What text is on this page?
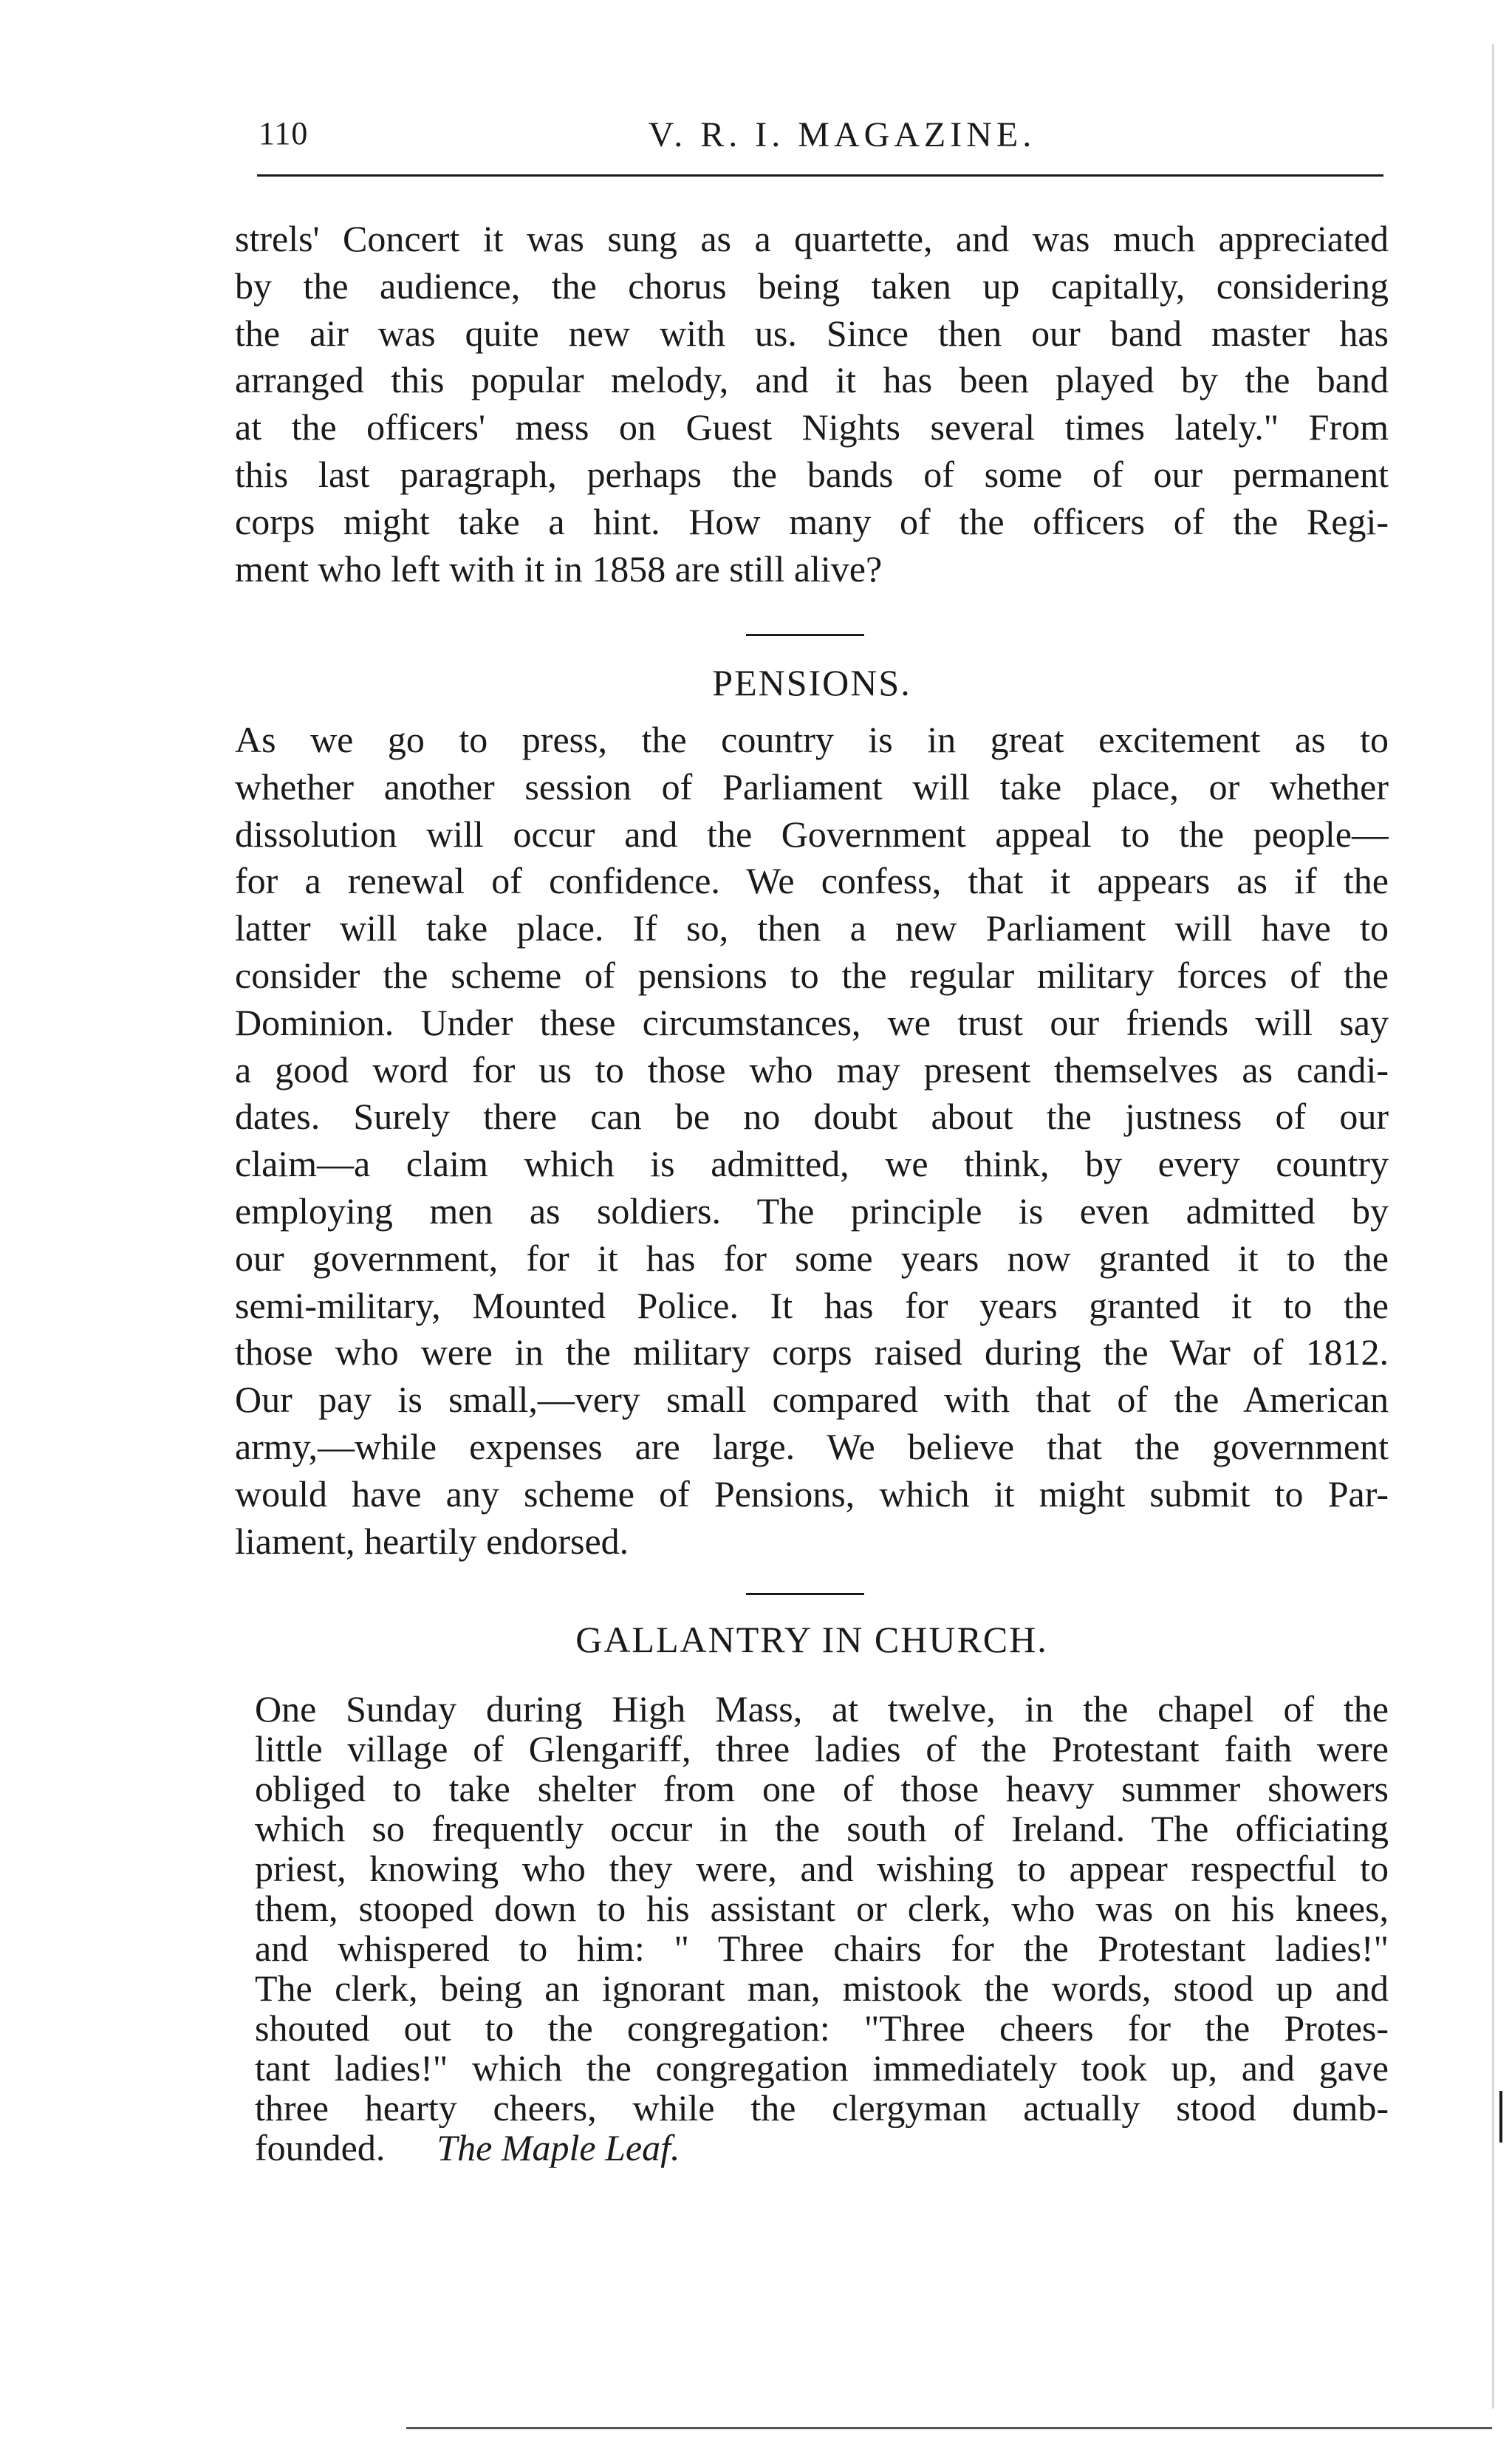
110	V. R. I. MAGAZINE.
strels' Concert it was sung as a quartette, and was much appreciated
by the audience, the chorus being taken up capitally, considering
the air was quite new with us. Since then our band master has
arranged this popular melody, and it has been played by the band
at the officers' mess on Guest Nights several times lately." From
this last paragraph, perhaps the bands of some of our permanent
corps might take a hint. How many of the officers of the Regi-
ment who left with it in 1858 are still alive?
PENSIONS.
As we go to press, the country is in great excitement as to
whether another session of Parliament will take place, or whether
dissolution will occur and the Government appeal to the people—
for a renewal of confidence. We confess, that it appears as if the
latter will take place. If so, then a new Parliament will have to
consider the scheme of pensions to the regular military forces of the
Dominion. Under these circumstances, we trust our friends will say
a good word for us to those who may present themselves as candi-
dates. Surely there can be no doubt about the justness of our
claim—a claim which is admitted, we think, by every country
employing men as soldiers. The principle is even admitted by
our government, for it has for some years now granted it to the
semi-military, Mounted Police. It has for years granted it to the
those who were in the military corps raised during the War of 1812.
Our pay is small,—very small compared with that of the American
army,—while expenses are large. We believe that the government
would have any scheme of Pensions, which it might submit to Par-
liament, heartily endorsed.
GALLANTRY IN CHURCH.
One Sunday during High Mass, at twelve, in the chapel of the
little village of Glengariff, three ladies of the Protestant faith were
obliged to take shelter from one of those heavy summer showers
which so frequently occur in the south of Ireland. The officiating
priest, knowing who they were, and wishing to appear respectful to
them, stooped down to his assistant or clerk, who was on his knees,
and whispered to him: " Three chairs for the Protestant ladies!"
The clerk, being an ignorant man, mistook the words, stood up and
shouted out to the congregation: "Three cheers for the Protes-
tant ladies!" which the congregation immediately took up, and gave
three hearty cheers, while the clergyman actually stood dumb-
founded. The Maple Leaf.
